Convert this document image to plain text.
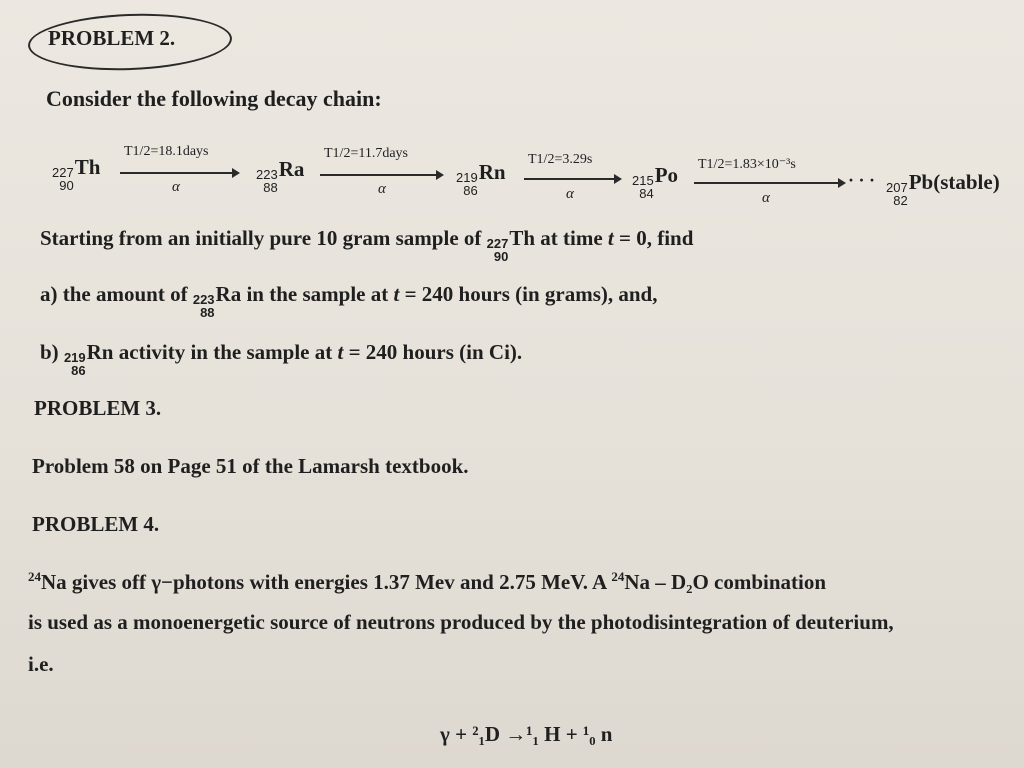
PROBLEM 2.
Consider the following decay chain:
227
90
Th
T1/2=18.1days
α
223
88
Ra
T1/2=11.7days
α
219
86
Rn
T1/2=3.29s
α
215
84
Po T1/2=1.83×10⁻³s
α
· · · 207
82
Pb(stable)
Starting from an initially pure 10 gram sample of 227
90
Th at time t = 0, find
a) the amount of 223
88
Ra in the sample at t = 240 hours (in grams), and,
b) 219
86
Rn activity in the sample at t = 240 hours (in Ci).
PROBLEM 3.
Problem 58 on Page 51 of the Lamarsh textbook.
PROBLEM 4.
$^{24}$Na gives off γ−photons with energies 1.37 Mev and 2.75 MeV. A $^{24}$Na – D₂O combination
is used as a monoenergetic source of neutrons produced by the photodisintegration of deuterium,
i.e.
γ + ²₁D →¹₁ H + ¹₀ n
